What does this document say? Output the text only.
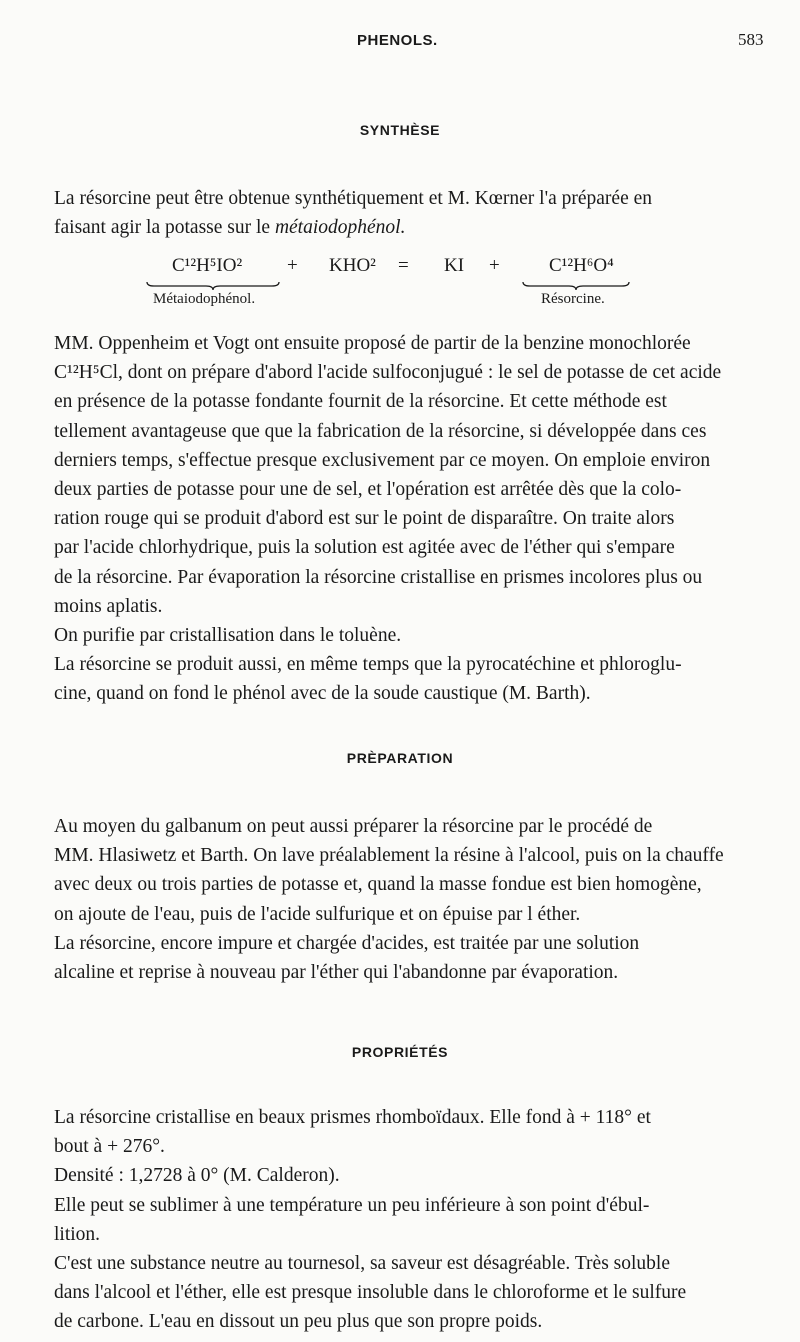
PHENOLS.	583
SYNTHÈSE
La résorcine peut être obtenue synthétiquement et M. Kœrner l'a préparée en
faisant agir la potasse sur le métaiodophénol.
C¹²H⁵IO² + KHO² = KI +	C¹²H⁶O⁴
Métaiodophénol.	Résorcine.
MM. Oppenheim et Vogt ont ensuite proposé de partir de la benzine monochlorée
C¹²H⁵Cl, dont on prépare d'abord l'acide sulfoconjugué : le sel de potasse de cet acide
en présence de la potasse fondante fournit de la résorcine. Et cette méthode est
tellement avantageuse que que la fabrication de la résorcine, si développée dans ces
derniers temps, s'effectue presque exclusivement par ce moyen. On emploie environ
deux parties de potasse pour une de sel, et l'opération est arrêtée dès que la colo-
ration rouge qui se produit d'abord est sur le point de disparaître. On traite alors
par l'acide chlorhydrique, puis la solution est agitée avec de l'éther qui s'empare
de la résorcine. Par évaporation la résorcine cristallise en prismes incolores plus ou
moins aplatis.
On purifie par cristallisation dans le toluène.
La résorcine se produit aussi, en même temps que la pyrocatéchine et phloroglu-
cine, quand on fond le phénol avec de la soude caustique (M. Barth).
PRÈPARATION
Au moyen du galbanum on peut aussi préparer la résorcine par le procédé de
MM. Hlasiwetz et Barth. On lave préalablement la résine à l'alcool, puis on la chauffe
avec deux ou trois parties de potasse et, quand la masse fondue est bien homogène,
on ajoute de l'eau, puis de l'acide sulfurique et on épuise par l éther.
La résorcine, encore impure et chargée d'acides, est traitée par une solution
alcaline et reprise à nouveau par l'éther qui l'abandonne par évaporation.
PROPRIÉTÉS
La résorcine cristallise en beaux prismes rhomboïdaux. Elle fond à + 118° et
bout à + 276°.
Densité : 1,2728 à 0° (M. Calderon).
Elle peut se sublimer à une température un peu inférieure à son point d'ébul-
lition.
C'est une substance neutre au tournesol, sa saveur est désagréable. Très soluble
dans l'alcool et l'éther, elle est presque insoluble dans le chloroforme et le sulfure
de carbone. L'eau en dissout un peu plus que son propre poids.
